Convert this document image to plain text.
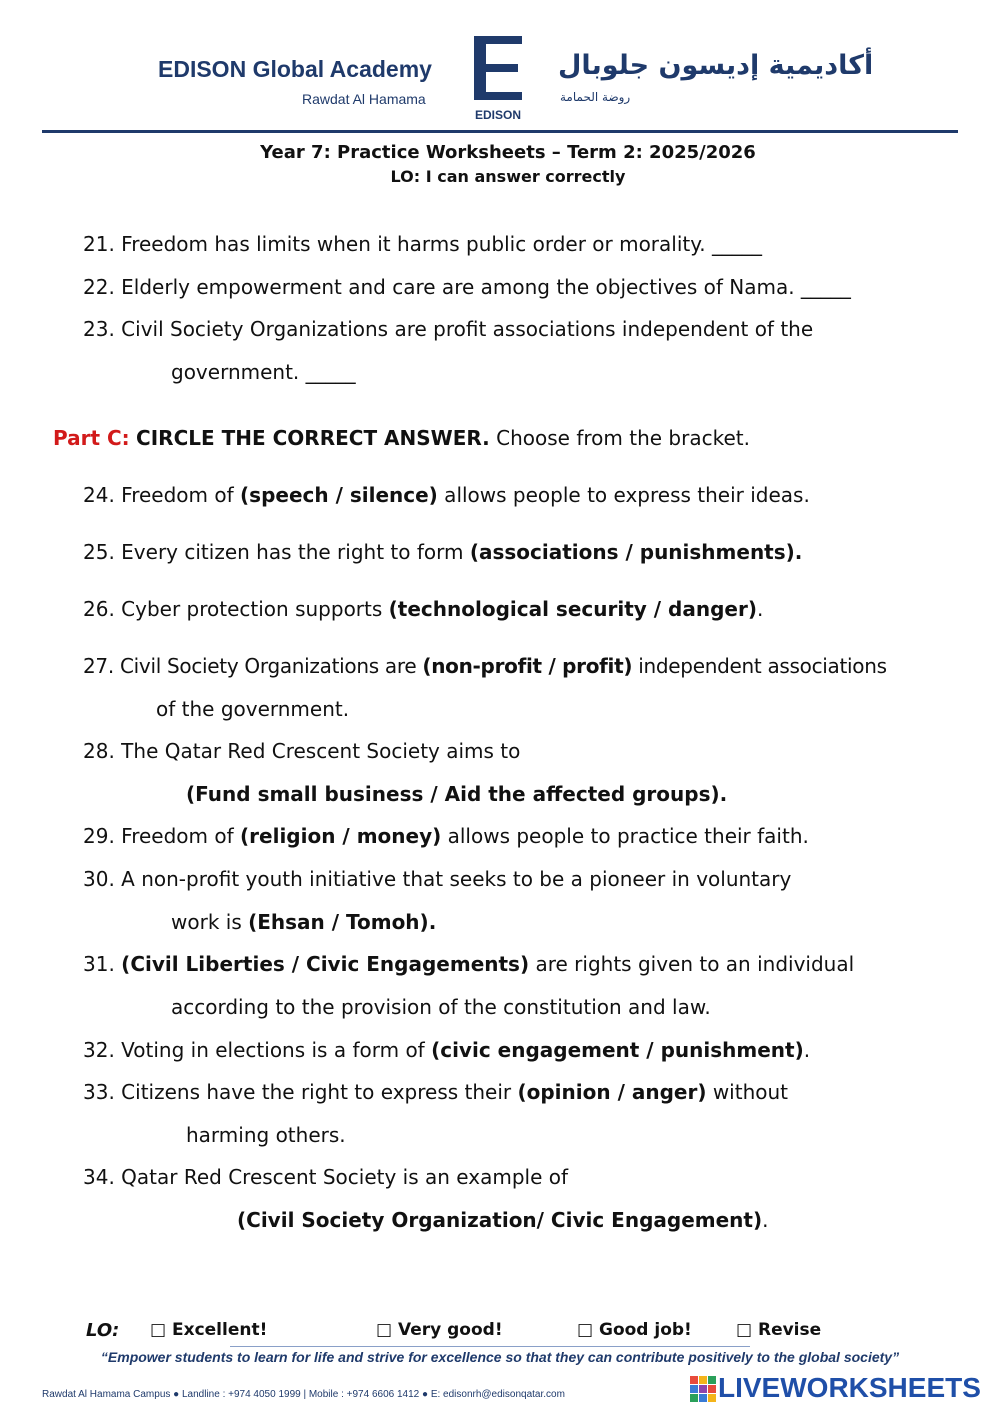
EDISON Global Academy
Rawdat Al Hamama
EDISON
أكاديمية إديسون جلوبال
روضة الحمامة
Year 7: Practice Worksheets – Term 2: 2025/2026
LO: I can answer correctly
21. Freedom has limits when it harms public order or morality. _____
22. Elderly empowerment and care are among the objectives of Nama. _____
23. Civil Society Organizations are profit associations independent of the
government. _____
Part C: CIRCLE THE CORRECT ANSWER. Choose from the bracket.
24. Freedom of (speech / silence) allows people to express their ideas.
25. Every citizen has the right to form (associations / punishments).
26. Cyber protection supports (technological security / danger).
27. Civil Society Organizations are (non-profit / profit) independent associations
of the government.
28. The Qatar Red Crescent Society aims to
(Fund small business / Aid the affected groups).
29. Freedom of (religion / money) allows people to practice their faith.
30. A non-profit youth initiative that seeks to be a pioneer in voluntary
work is (Ehsan / Tomoh).
31. (Civil Liberties / Civic Engagements) are rights given to an individual
according to the provision of the constitution and law.
32. Voting in elections is a form of (civic engagement / punishment).
33. Citizens have the right to express their (opinion / anger) without
harming others.
34. Qatar Red Crescent Society is an example of
(Civil Society Organization/ Civic Engagement).
LO: □ Excellent!	□ Very good!	□ Good job!	□ Revise
“Empower students to learn for life and strive for excellence so that they can contribute positively to the global society”
Rawdat Al Hamama Campus ● Landline : +974 4050 1999 | Mobile : +974 6606 1412 ● E: edisonrh@edisonqatar.com	LIVEWORKSHEETS
